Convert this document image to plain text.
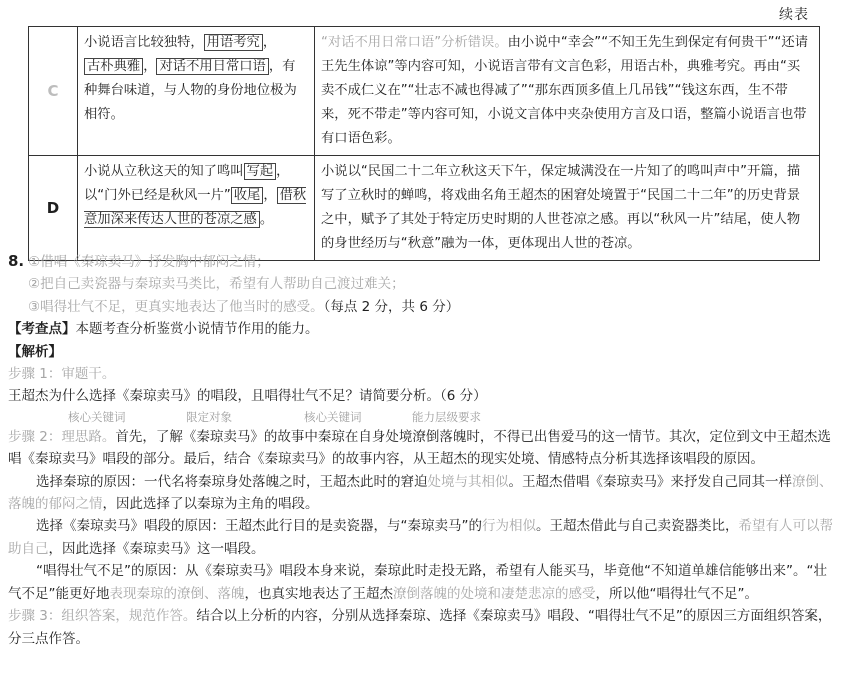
续表
C	小说语言比较独特， 用语考究 ，
古朴典雅 ， 对话不用日常口语 ，有种舞台味道，与人物的身份地位极为相符。	“对话不用日常口语”分析错误。由小说中“幸会”“不知王先生到保定有何贵干”“还请王先生体谅”等内容可知，小说语言带有文言色彩，用语古朴，典雅考究。再由“买卖不成仁义在”“壮志不减也得减了”“那东西顶多值上几吊钱”“钱这东西，生不带来，死不带走”等内容可知，小说文言体中夹杂使用方言及口语，整篇小说语言也带有口语色彩。
D	小说从立秋这天的知了鸣叫 写起 ，以“门外已经是秋风一片” 收尾 ， 借秋意加深来传达人世的苍凉之感 。	小说以“民国二十二年立秋这天下午，保定城满没在一片知了的鸣叫声中”开篇，描写了立秋时的蝉鸣，将戏曲名角王超杰的困窘处境置于“民国二十二年”的历史背景之中，赋予了其处于特定历史时期的人世苍凉之感。再以“秋风一片”结尾，使人物的身世经历与“秋意”融为一体，更体现出人世的苍凉。

8. ①借唱《秦琼卖马》抒发胸中郁闷之情；

②把自己卖瓷器与秦琼卖马类比，希望有人帮助自己渡过难关；

③唱得壮气不足，更真实地表达了他当时的感受。（每点 2 分，共 6 分）

【考查点】本题考查分析鉴赏小说情节作用的能力。

【解析】

步骤 1：审题干。

王超杰为什么选择《秦琼卖马》的唱段，且唱得壮气不足？请简要分析。（6 分）

核心关键词	限定对象	核心关键词	能力层级要求

步骤 2：理思路。首先，了解《秦琼卖马》的故事中秦琼在自身处境潦倒落魄时，不得已出售爱马的这一情节。其次，定位到文中王超杰选唱《秦琼卖马》唱段的部分。最后，结合《秦琼卖马》的故事内容，从王超杰的现实处境、情感特点分析其选择该唱段的原因。

选择秦琼的原因：一代名将秦琼身处落魄之时，王超杰此时的窘迫处境与其相似。王超杰借唱《秦琼卖马》来抒发自己同其一样潦倒、落魄的郁闷之情，因此选择了以秦琼为主角的唱段。

选择《秦琼卖马》唱段的原因：王超杰此行目的是卖瓷器，与“秦琼卖马”的行为相似。王超杰借此与自己卖瓷器类比，希望有人可以帮助自己，因此选择《秦琼卖马》这一唱段。

“唱得壮气不足”的原因：从《秦琼卖马》唱段本身来说，秦琼此时走投无路，希望有人能买马，毕竟他“不知道单雄信能够出来”。“壮气不足”能更好地表现秦琼的潦倒、落魄，也真实地表达了王超杰潦倒落魄的处境和凄楚悲凉的感受，所以他“唱得壮气不足”。

步骤 3：组织答案，规范作答。结合以上分析的内容，分别从选择秦琼、选择《秦琼卖马》唱段、“唱得壮气不足”的原因三方面组织答案，分三点作答。
